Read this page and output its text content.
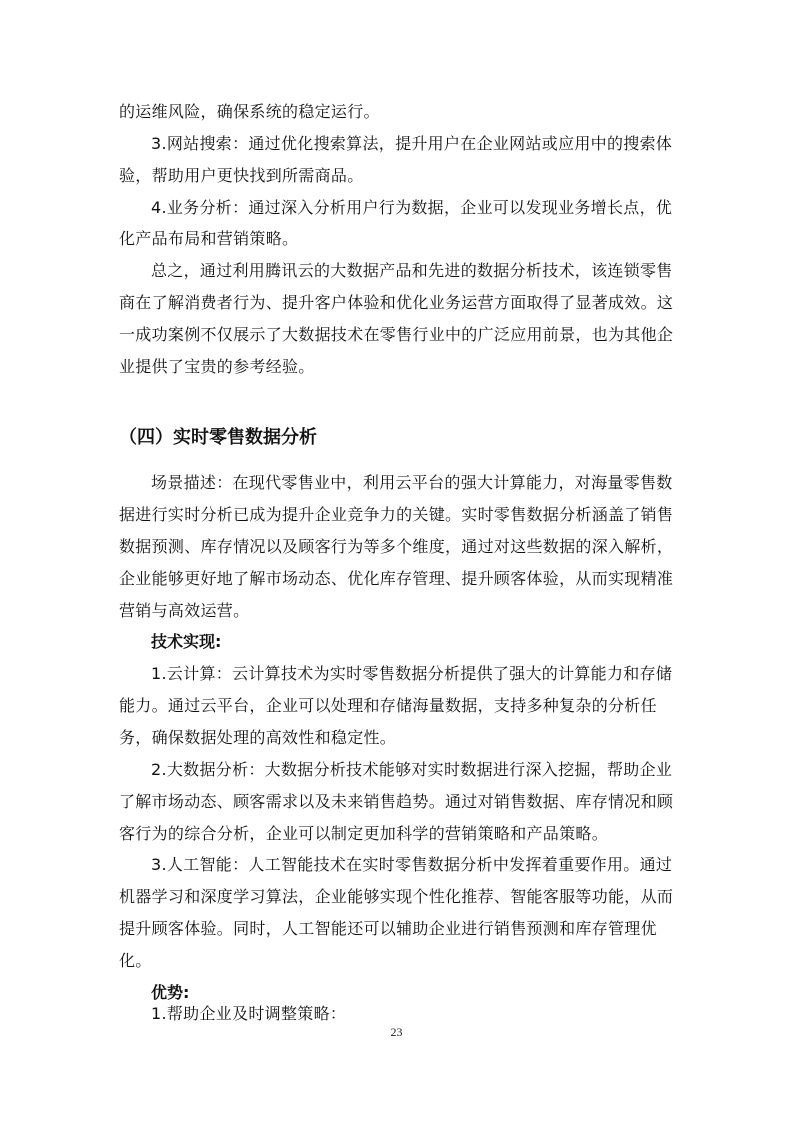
的运维风险，确保系统的稳定运行。
3.网站搜索：通过优化搜索算法，提升用户在企业网站或应用中的搜索体
验，帮助用户更快找到所需商品。
4.业务分析：通过深入分析用户行为数据，企业可以发现业务增长点，优
化产品布局和营销策略。
总之，通过利用腾讯云的大数据产品和先进的数据分析技术，该连锁零售
商在了解消费者行为、提升客户体验和优化业务运营方面取得了显著成效。这
一成功案例不仅展示了大数据技术在零售行业中的广泛应用前景，也为其他企
业提供了宝贵的参考经验。
（四）实时零售数据分析
场景描述：在现代零售业中，利用云平台的强大计算能力，对海量零售数
据进行实时分析已成为提升企业竞争力的关键。实时零售数据分析涵盖了销售
数据预测、库存情况以及顾客行为等多个维度，通过对这些数据的深入解析，
企业能够更好地了解市场动态、优化库存管理、提升顾客体验，从而实现精准
营销与高效运营。
技术实现:
1.云计算：云计算技术为实时零售数据分析提供了强大的计算能力和存储
能力。通过云平台，企业可以处理和存储海量数据，支持多种复杂的分析任
务，确保数据处理的高效性和稳定性。
2.大数据分析：大数据分析技术能够对实时数据进行深入挖掘，帮助企业
了解市场动态、顾客需求以及未来销售趋势。通过对销售数据、库存情况和顾
客行为的综合分析，企业可以制定更加科学的营销策略和产品策略。
3.人工智能：人工智能技术在实时零售数据分析中发挥着重要作用。通过
机器学习和深度学习算法，企业能够实现个性化推荐、智能客服等功能，从而
提升顾客体验。同时，人工智能还可以辅助企业进行销售预测和库存管理优
化。
优势:
1.帮助企业及时调整策略：
23
